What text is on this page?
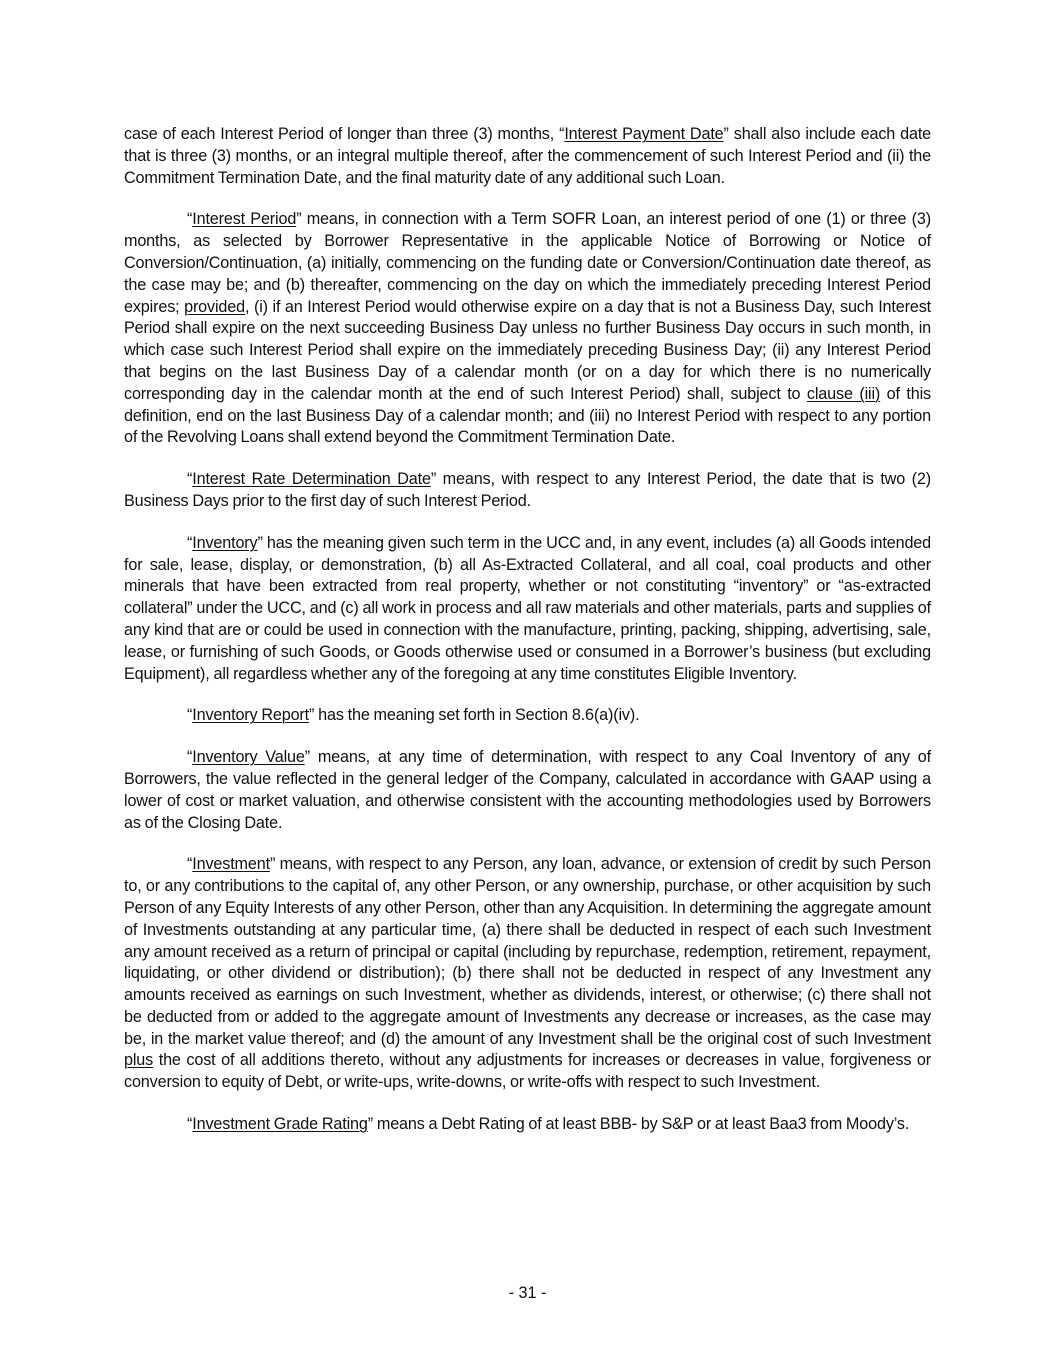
case of each Interest Period of longer than three (3) months, “Interest Payment Date” shall also include each date that is three (3) months, or an integral multiple thereof, after the commencement of such Interest Period and (ii) the Commitment Termination Date, and the final maturity date of any additional such Loan.

“Interest Period” means, in connection with a Term SOFR Loan, an interest period of one (1) or three (3) months, as selected by Borrower Representative in the applicable Notice of Borrowing or Notice of Conversion/Continuation, (a) initially, commencing on the funding date or Conversion/Continuation date thereof, as the case may be; and (b) thereafter, commencing on the day on which the immediately preceding Interest Period expires; provided, (i) if an Interest Period would otherwise expire on a day that is not a Business Day, such Interest Period shall expire on the next succeeding Business Day unless no further Business Day occurs in such month, in which case such Interest Period shall expire on the immediately preceding Business Day; (ii) any Interest Period that begins on the last Business Day of a calendar month (or on a day for which there is no numerically corresponding day in the calendar month at the end of such Interest Period) shall, subject to clause (iii) of this definition, end on the last Business Day of a calendar month; and (iii) no Interest Period with respect to any portion of the Revolving Loans shall extend beyond the Commitment Termination Date.

“Interest Rate Determination Date” means, with respect to any Interest Period, the date that is two (2) Business Days prior to the first day of such Interest Period.

“Inventory” has the meaning given such term in the UCC and, in any event, includes (a) all Goods intended for sale, lease, display, or demonstration, (b) all As-Extracted Collateral, and all coal, coal products and other minerals that have been extracted from real property, whether or not constituting “inventory” or “as-extracted collateral” under the UCC, and (c) all work in process and all raw materials and other materials, parts and supplies of any kind that are or could be used in connection with the manufacture, printing, packing, shipping, advertising, sale, lease, or furnishing of such Goods, or Goods otherwise used or consumed in a Borrower’s business (but excluding Equipment), all regardless whether any of the foregoing at any time constitutes Eligible Inventory.

“Inventory Report” has the meaning set forth in Section 8.6(a)(iv).

“Inventory Value” means, at any time of determination, with respect to any Coal Inventory of any of Borrowers, the value reflected in the general ledger of the Company, calculated in accordance with GAAP using a lower of cost or market valuation, and otherwise consistent with the accounting methodologies used by Borrowers as of the Closing Date.

“Investment” means, with respect to any Person, any loan, advance, or extension of credit by such Person to, or any contributions to the capital of, any other Person, or any ownership, purchase, or other acquisition by such Person of any Equity Interests of any other Person, other than any Acquisition. In determining the aggregate amount of Investments outstanding at any particular time, (a) there shall be deducted in respect of each such Investment any amount received as a return of principal or capital (including by repurchase, redemption, retirement, repayment, liquidating, or other dividend or distribution); (b) there shall not be deducted in respect of any Investment any amounts received as earnings on such Investment, whether as dividends, interest, or otherwise; (c) there shall not be deducted from or added to the aggregate amount of Investments any decrease or increases, as the case may be, in the market value thereof; and (d) the amount of any Investment shall be the original cost of such Investment plus the cost of all additions thereto, without any adjustments for increases or decreases in value, forgiveness or conversion to equity of Debt, or write-ups, write-downs, or write-offs with respect to such Investment.

“Investment Grade Rating” means a Debt Rating of at least BBB- by S&P or at least Baa3 from Moody’s.

- 31 -
